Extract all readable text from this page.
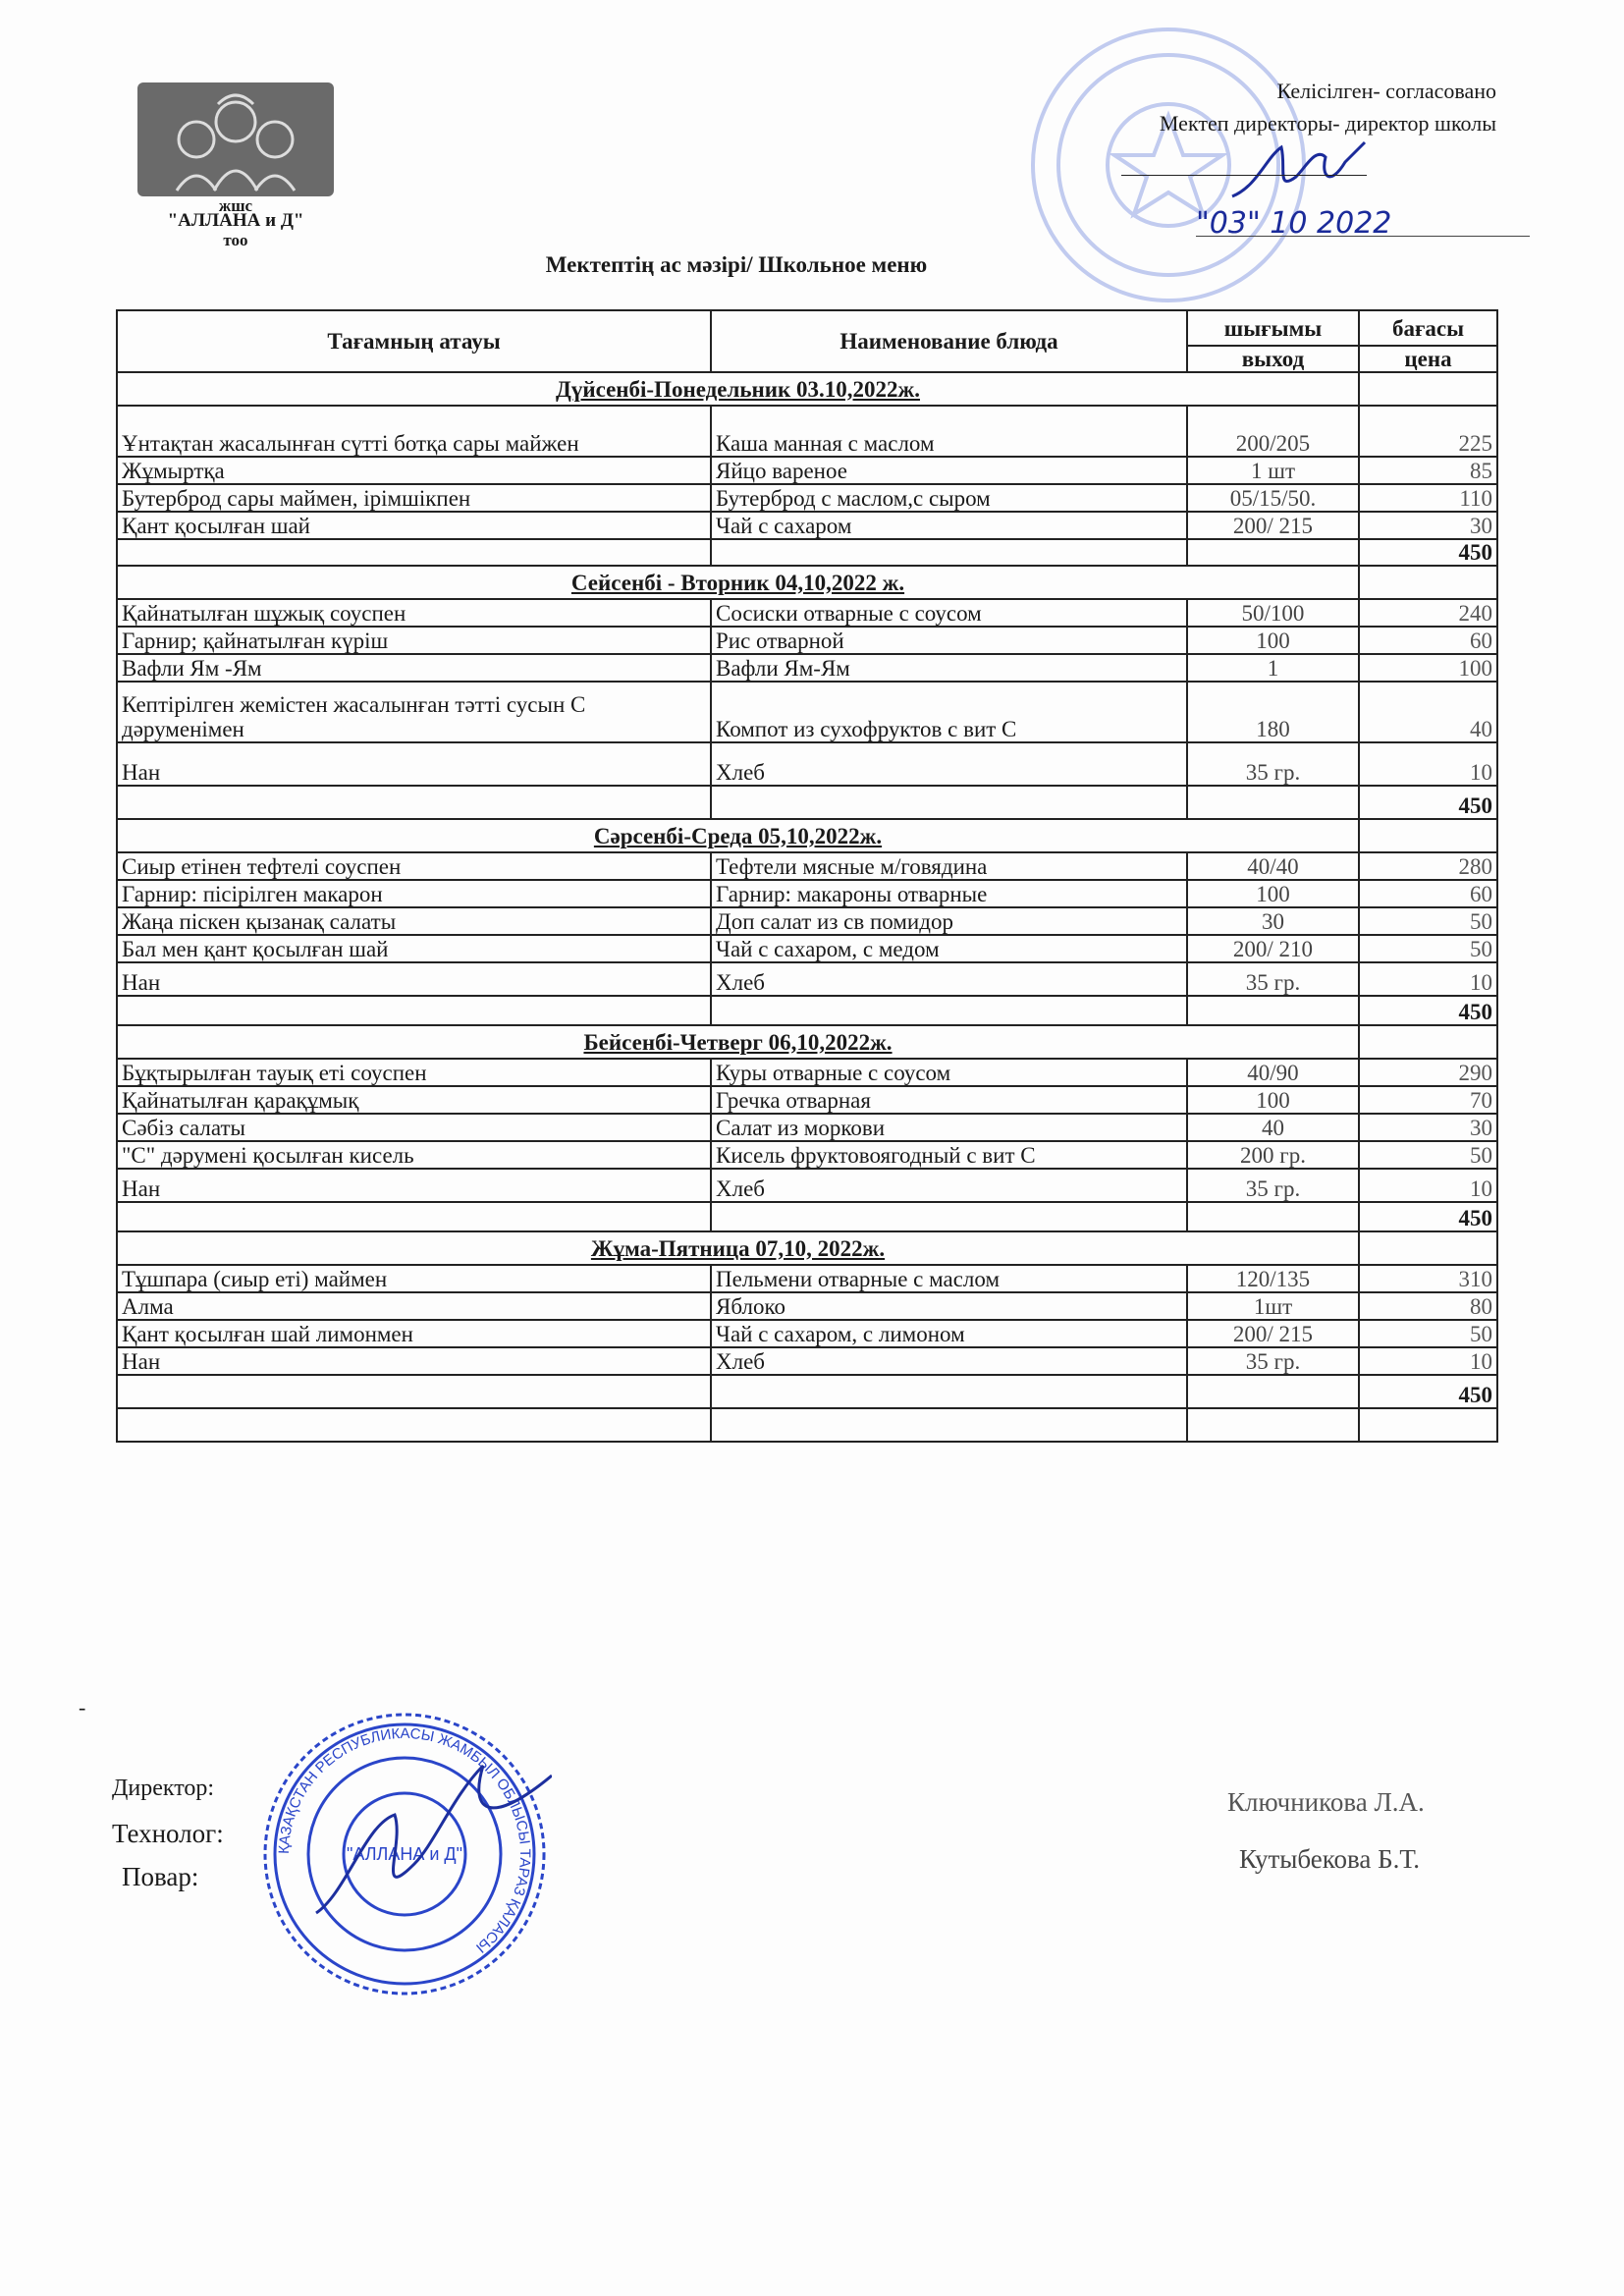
жшс
"АЛЛАНА и Д"
тоо
Келісілген- согласовано
Мектеп директоры- директор школы
"03" 10 2022
Мектептің ас мәзірі/ Школьное меню
Тағамның атауы	Наименование блюда	шығымы	бағасы
		выход	цена
Дүйсенбі-Понедельник 03.10,2022ж.			
Ұнтақтан жасалынған сүтті ботқа сары майжен	Каша манная с маслом	200/205	225
Жұмыртқа	Яйцо вареное	1 шт	85
Бутерброд сары маймен, ірімшікпен	Бутерброд с маслом,с сыром	05/15/50.	110
Қант қосылған шай	Чай с сахаром	200/ 215	30
			450
Сейсенбі - Вторник 04,10,2022 ж.			
Қайнатылған шұжық соуспен	Сосиски отварные с соусом	50/100	240
Гарнир; қайнатылған күріш	Рис отварной	100	60
Вафли Ям -Ям	Вафли Ям-Ям	1	100
Кептірілген жемістен жасалынған тәтті сусын С дәруменімен	Компот из сухофруктов с вит С	180	40
Нан	Хлеб	35 гр.	10
			450
Сәрсенбі-Среда 05,10,2022ж.			
Сиыр етінен тефтелі соуспен	Тефтели мясные м/говядина	40/40	280
Гарнир: пісірілген макарон	Гарнир: макароны отварные	100	60
Жаңа піскен қызанақ салаты	Доп салат из св помидор	30	50
Бал мен қант қосылған шай	Чай с сахаром, с медом	200/ 210	50
Нан	Хлеб	35 гр.	10
			450
Бейсенбі-Четверг 06,10,2022ж.			
Бұқтырылған тауық еті соуспен	Куры отварные с соусом	40/90	290
Қайнатылған қарақұмық	Гречка отварная	100	70
Сәбіз салаты	Салат из моркови	40	30
"С" дәрумені қосылған кисель	Кисель фруктовоягодный с вит С	200 гр.	50
Нан	Хлеб	35 гр.	10
			450
Жұма-Пятница 07,10, 2022ж.			
Тұшпара (сиыр еті) маймен	Пельмени отварные с маслом	120/135	310
Алма	Яблоко	1шт	80
Қант қосылған шай лимонмен	Чай с сахаром, с лимоном	200/ 215	50
Нан	Хлеб	35 гр.	10
			450

-
Директор:
Технолог:
Повар:
Ключникова Л.А.
Кутыбекова Б.Т.
ҚАЗАҚСТАН РЕСПУБЛИКАСЫ ЖАМБЫЛ ОБЛЫСЫ ТАРАЗ ҚАЛАСЫ
"АЛЛАНА и Д"
